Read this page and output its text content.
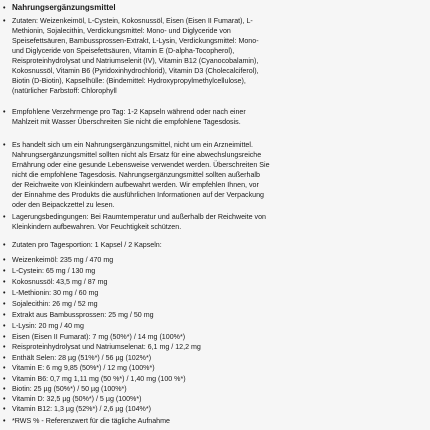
• Nahrungsergänzungsmittel
• Zutaten: Weizenkeimöl, L-Cystein, Kokosnussöl, Eisen (Eisen II Fumarat), L-
Methionin, Sojalecithin, Verdickungsmittel: Mono- und Diglyceride von
Speisefettsäuren, Bambussprossen-Extrakt, L-Lysin, Verdickungsmittel: Mono-
und Diglyceride von Speisefettsäuren, Vitamin E (D-alpha-Tocopherol),
Reisproteinhydrolysat und Natriumselenit (IV), Vitamin B12 (Cyanocobalamin),
Kokosnussöl, Vitamin B6 (Pyridoxinhydrochlorid), Vitamin D3 (Cholecalciferol),
Biotin (D-Biotin), Kapselhülle: (Bindemittel: Hydroxypropylmethylcellulose),
(natürlicher Farbstoff: Chlorophyll
• Empfohlene Verzehrmenge pro Tag: 1-2 Kapseln während oder nach einer
Mahlzeit mit Wasser Überschreiten Sie nicht die empfohlene Tagesdosis.
• Es handelt sich um ein Nahrungsergänzungsmittel, nicht um ein Arzneimittel.
Nahrungsergänzungsmittel sollten nicht als Ersatz für eine abwechslungsreiche
Ernährung oder eine gesunde Lebensweise verwendet werden. Überschreiten Sie
nicht die empfohlene Tagesdosis. Nahrungsergänzungsmittel sollten außerhalb
der Reichweite von Kleinkindern aufbewahrt werden. Wir empfehlen Ihnen, vor
der Einnahme des Produkts die ausführlichen Informationen auf der Verpackung
oder den Beipackzettel zu lesen.
• Lagerungsbedingungen: Bei Raumtemperatur und außerhalb der Reichweite von
Kleinkindern aufbewahren. Vor Feuchtigkeit schützen.
• Zutaten pro Tagesportion: 1 Kapsel / 2 Kapseln:
• Weizenkeimöl: 235 mg / 470 mg
• L-Cystein: 65 mg / 130 mg
• Kokosnussöl: 43,5 mg / 87 mg
• L-Methionin: 30 mg / 60 mg
• Sojalecithin: 26 mg / 52 mg
• Extrakt aus Bambussprossen: 25 mg / 50 mg
• L-Lysin: 20 mg / 40 mg
• Eisen (Eisen II Fumarat): 7 mg (50%*) / 14 mg (100%*)
• Reisproteinhydrolysat und Natriumselenat: 6,1 mg / 12,2 mg
• Enthält Selen: 28 µg (51%*) / 56 µg (102%*)
• Vitamin E: 6 mg 9,85 (50%*) / 12 mg (100%*)
• Vitamin B6: 0,7 mg 1,11 mg (50 %*) / 1,40 mg (100 %*)
• Biotin: 25 µg (50%*) / 50 µg (100%*)
• Vitamin D: 32,5 µg (50%*) / 5 µg (100%*)
• Vitamin B12: 1,3 µg (52%*) / 2,6 µg (104%*)
• *RWS % - Referenzwert für die tägliche Aufnahme
